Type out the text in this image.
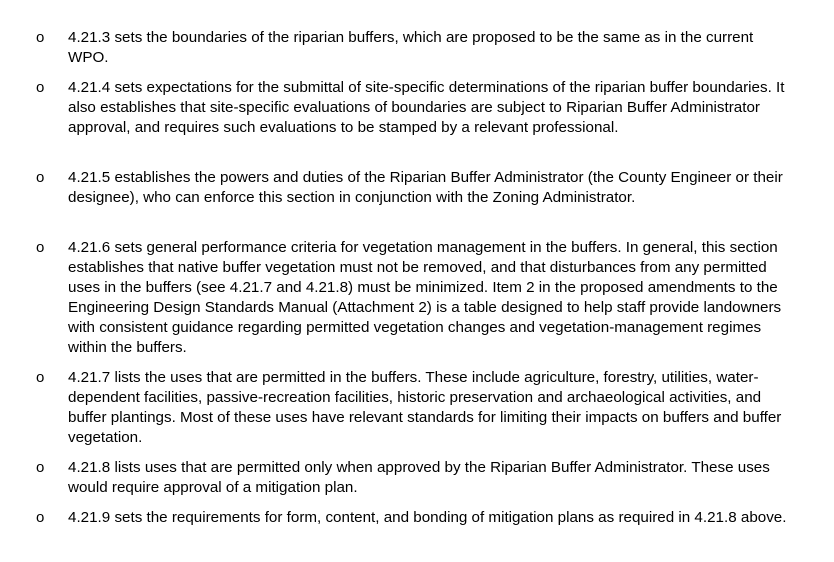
o 4.21.3 sets the boundaries of the riparian buffers, which are proposed to be the same as in the current WPO.
o 4.21.4 sets expectations for the submittal of site-specific determinations of the riparian buffer boundaries. It also establishes that site-specific evaluations of boundaries are subject to Riparian Buffer Administrator approval, and requires such evaluations to be stamped by a relevant professional.
o 4.21.5 establishes the powers and duties of the Riparian Buffer Administrator (the County Engineer or their designee), who can enforce this section in conjunction with the Zoning Administrator.
o 4.21.6 sets general performance criteria for vegetation management in the buffers. In general, this section establishes that native buffer vegetation must not be removed, and that disturbances from any permitted uses in the buffers (see 4.21.7 and 4.21.8) must be minimized. Item 2 in the proposed amendments to the Engineering Design Standards Manual (Attachment 2) is a table designed to help staff provide landowners with consistent guidance regarding permitted vegetation changes and vegetation-management regimes within the buffers.
o 4.21.7 lists the uses that are permitted in the buffers. These include agriculture, forestry, utilities, water-dependent facilities, passive-recreation facilities, historic preservation and archaeological activities, and buffer plantings. Most of these uses have relevant standards for limiting their impacts on buffers and buffer vegetation.
o 4.21.8 lists uses that are permitted only when approved by the Riparian Buffer Administrator. These uses would require approval of a mitigation plan.
o 4.21.9 sets the requirements for form, content, and bonding of mitigation plans as required in 4.21.8 above.
